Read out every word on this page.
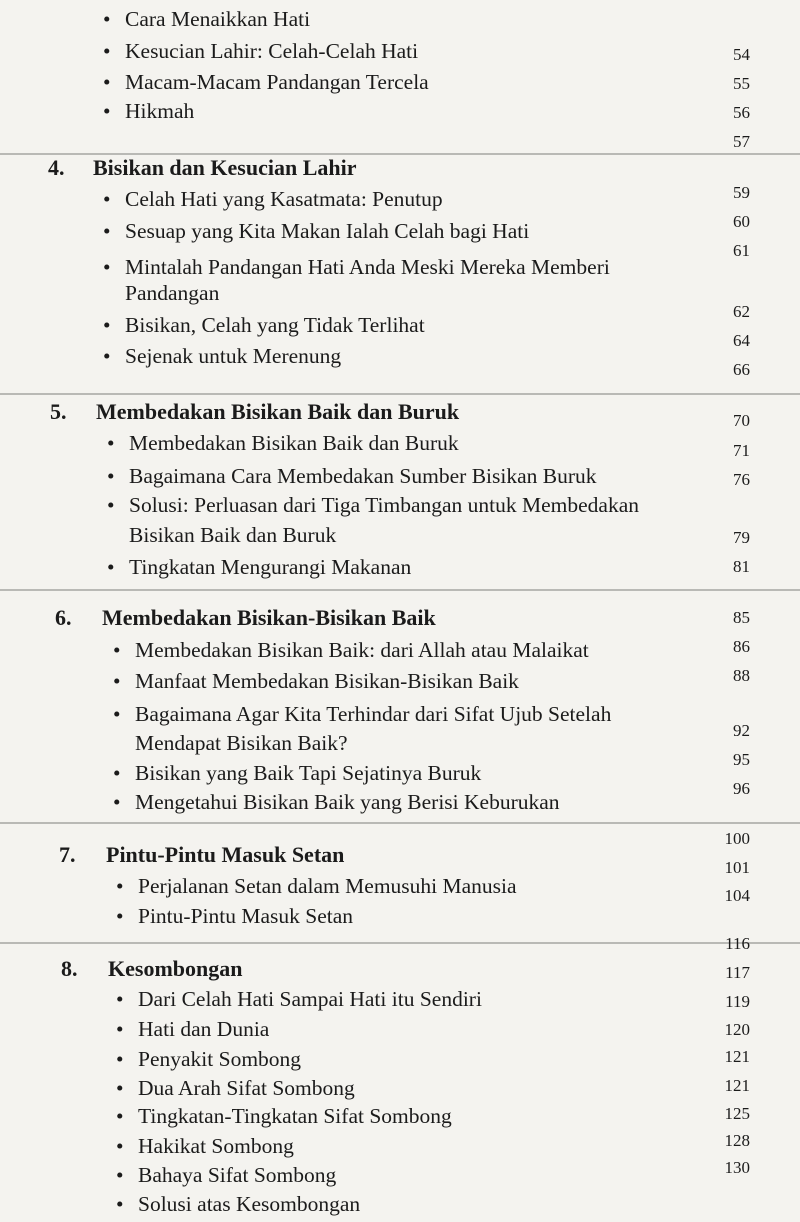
4. Bisikan dan Kesucian Lahir
5. Membedakan Bisikan Baik dan Buruk
6. Membedakan Bisikan-Bisikan Baik
7. Pintu-Pintu Masuk Setan
8. Kesombongan
• Cara Menaikkan Hati
• Kesucian Lahir: Celah-Celah Hati
• Macam-Macam Pandangan Tercela
• Hikmah
• Celah Hati yang Kasatmata: Penutup
• Sesuap yang Kita Makan Ialah Celah bagi Hati
• Mintalah Pandangan Hati Anda Meski Mereka Memberi
Pandangan
• Bisikan, Celah yang Tidak Terlihat
• Sejenak untuk Merenung
• Membedakan Bisikan Baik dan Buruk
• Bagaimana Cara Membedakan Sumber Bisikan Buruk
• Solusi: Perluasan dari Tiga Timbangan untuk Membedakan
Bisikan Baik dan Buruk
• Tingkatan Mengurangi Makanan
• Membedakan Bisikan Baik: dari Allah atau Malaikat
• Manfaat Membedakan Bisikan-Bisikan Baik
• Bagaimana Agar Kita Terhindar dari Sifat Ujub Setelah
Mendapat Bisikan Baik?
• Bisikan yang Baik Tapi Sejatinya Buruk
• Mengetahui Bisikan Baik yang Berisi Keburukan
• Perjalanan Setan dalam Memusuhi Manusia
• Pintu-Pintu Masuk Setan
• Dari Celah Hati Sampai Hati itu Sendiri
• Hati dan Dunia
• Penyakit Sombong
• Dua Arah Sifat Sombong
• Tingkatan-Tingkatan Sifat Sombong
• Hakikat Sombong
• Bahaya Sifat Sombong
• Solusi atas Kesombongan
54
55
56
57
59
60
61
62
64
66
70
71
76
79
81
85
86
88
92
95
96
100
101
104
116
117
119
120
121
121
125
128
130
